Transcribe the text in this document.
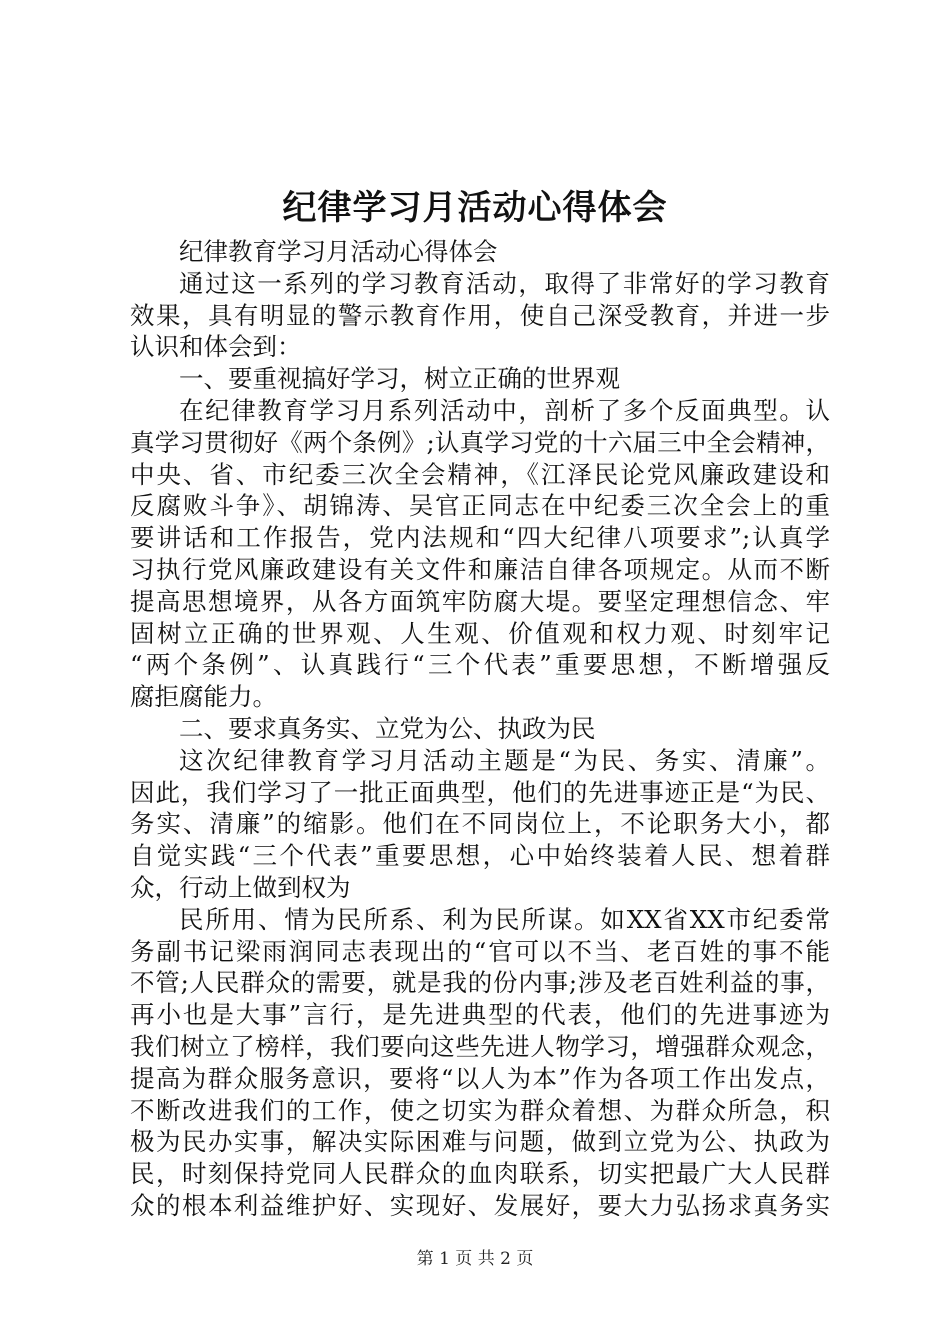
纪律学习月活动心得体会
纪律教育学习月活动心得体会
通过这一系列的学习教育活动，取得了非常好的学习教育
效果，具有明显的警示教育作用，使自己深受教育，并进一步
认识和体会到：
一、要重视搞好学习，树立正确的世界观
在纪律教育学习月系列活动中，剖析了多个反面典型。认
真学习贯彻好《两个条例》;认真学习党的十六届三中全会精神，
中央、省、市纪委三次全会精神，《江泽民论党风廉政建设和
反腐败斗争》、胡锦涛、吴官正同志在中纪委三次全会上的重
要讲话和工作报告，党内法规和“四大纪律八项要求”;认真学
习执行党风廉政建设有关文件和廉洁自律各项规定。从而不断
提高思想境界，从各方面筑牢防腐大堤。要坚定理想信念、牢
固树立正确的世界观、人生观、价值观和权力观、时刻牢记
“两个条例”、认真践行“三个代表”重要思想，不断增强反
腐拒腐能力。
二、要求真务实、立党为公、执政为民
这次纪律教育学习月活动主题是“为民、务实、清廉”。
因此，我们学习了一批正面典型，他们的先进事迹正是“为民、
务实、清廉”的缩影。他们在不同岗位上，不论职务大小，都
自觉实践“三个代表”重要思想，心中始终装着人民、想着群
众，行动上做到权为
民所用、情为民所系、利为民所谋。如XX省XX市纪委常
务副书记梁雨润同志表现出的“官可以不当、老百姓的事不能
不管;人民群众的需要，就是我的份内事;涉及老百姓利益的事，
再小也是大事”言行，是先进典型的代表，他们的先进事迹为
我们树立了榜样，我们要向这些先进人物学习，增强群众观念，
提高为群众服务意识，要将“以人为本”作为各项工作出发点，
不断改进我们的工作，使之切实为群众着想、为群众所急，积
极为民办实事，解决实际困难与问题，做到立党为公、执政为
民，时刻保持党同人民群众的血肉联系，切实把最广大人民群
众的根本利益维护好、实现好、发展好，要大力弘扬求真务实
第 1 页 共 2 页
